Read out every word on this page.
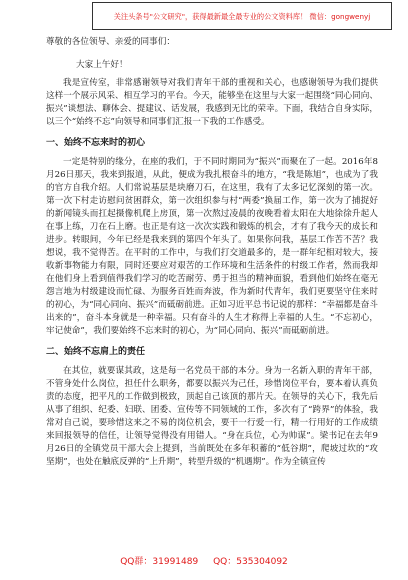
关注头条号"公文研究"，获得最新最全最专业的公文资料库！ 微信：gongwenyj

尊敬的各位领导、亲爱的同事们：

大家上午好！

我是宣传室，非常感谢领导对我们青年干部的重视和关心，也感谢领导为我们提供这样一个展示风采、相互学习的平台。今天，能够坐在这里与大家一起围绕“同心同向、振兴”谈想法、聊体会、提建议、话发展，我感到无比的荣幸。下面，我结合自身实际，以三个“始终不忘”向领导和同事们汇报一下我的工作感受。

一、始终不忘来时的初心

一定是特别的缘分，在座的我们，于不同时期同为“振兴”而聚在了一起。2016年8月26日那天，我来到报道，从此，便成为我扎根奋斗的地方，“我是陈旭”，也成为了我的官方自我介绍。人们常说基层是块磨刀石，在这里，我有了太多记忆深刻的第一次。第一次下村走访慰问贫困群众，第一次组织参与村“两委”换届工作，第一次为了捕捉好的新闻镜头而扛起摄像机爬上房顶，第一次熬过凌晨的夜晚看着太阳在大地徐徐升起人在事上练，刀在石上磨。也正是有这一次次实践和锻炼的机会，才有了我今天的成长和进步。转眼间，今年已经是我来到的第四个年头了。如果你问我，基层工作苦不苦？我想说，我不觉得苦。在平时的工作中，与我们打交道最多的，是一群年纪相对较大，接收新事物能力有限，同时还要应对艰苦的工作环境和生活条件的村级工作者，然而我却在他们身上看到值得我们学习的吃苦耐劳、勇于担当的精神面貌，看到他们始终在毫无怨言地为村级建设而忙碌、为服务百姓而奔波，作为新时代青年，我们更要坚守住来时的初心，为“同心同向、振兴”而砥砺前进。正如习近平总书记说的那样：“幸福都是奋斗出来的”，奋斗本身就是一种幸福。只有奋斗的人生才称得上幸福的人生。“不忘初心，牢记使命”，我们要始终不忘来时的初心，为“同心同向、振兴”而砥砺前进。

二、始终不忘肩上的责任

在其位，就要谋其政，这是每一名党员干部的本分。身为一名新入职的青年干部，不管身处什么岗位，担任什么职务，都要以振兴为己任，珍惜岗位平台，要本着认真负责的态度，把平凡的工作做到极致，顶起自己该顶的那片天。在领导的关心下，我先后从事了组织、纪委、妇联、团委、宣传等不同领域的工作，多次有了“跨界”的体验，我常对自己说，要珍惜这来之不易的岗位机会，要干一行爱一行，精一行用好的工作成绩来回报领导的信任，让领导觉得没有用错人。“身在兵位，心为帅谋”。梁书记在去年9月26日的全镇党员干部大会上提到，当前既处在多年积蓄的“低谷期”，爬坡过坎的“攻坚期”，也处在触底反弹的“上升期”，转型升级的“机遇期”。作为全镇宣传

QQ群：31991489 QQ：535304092
